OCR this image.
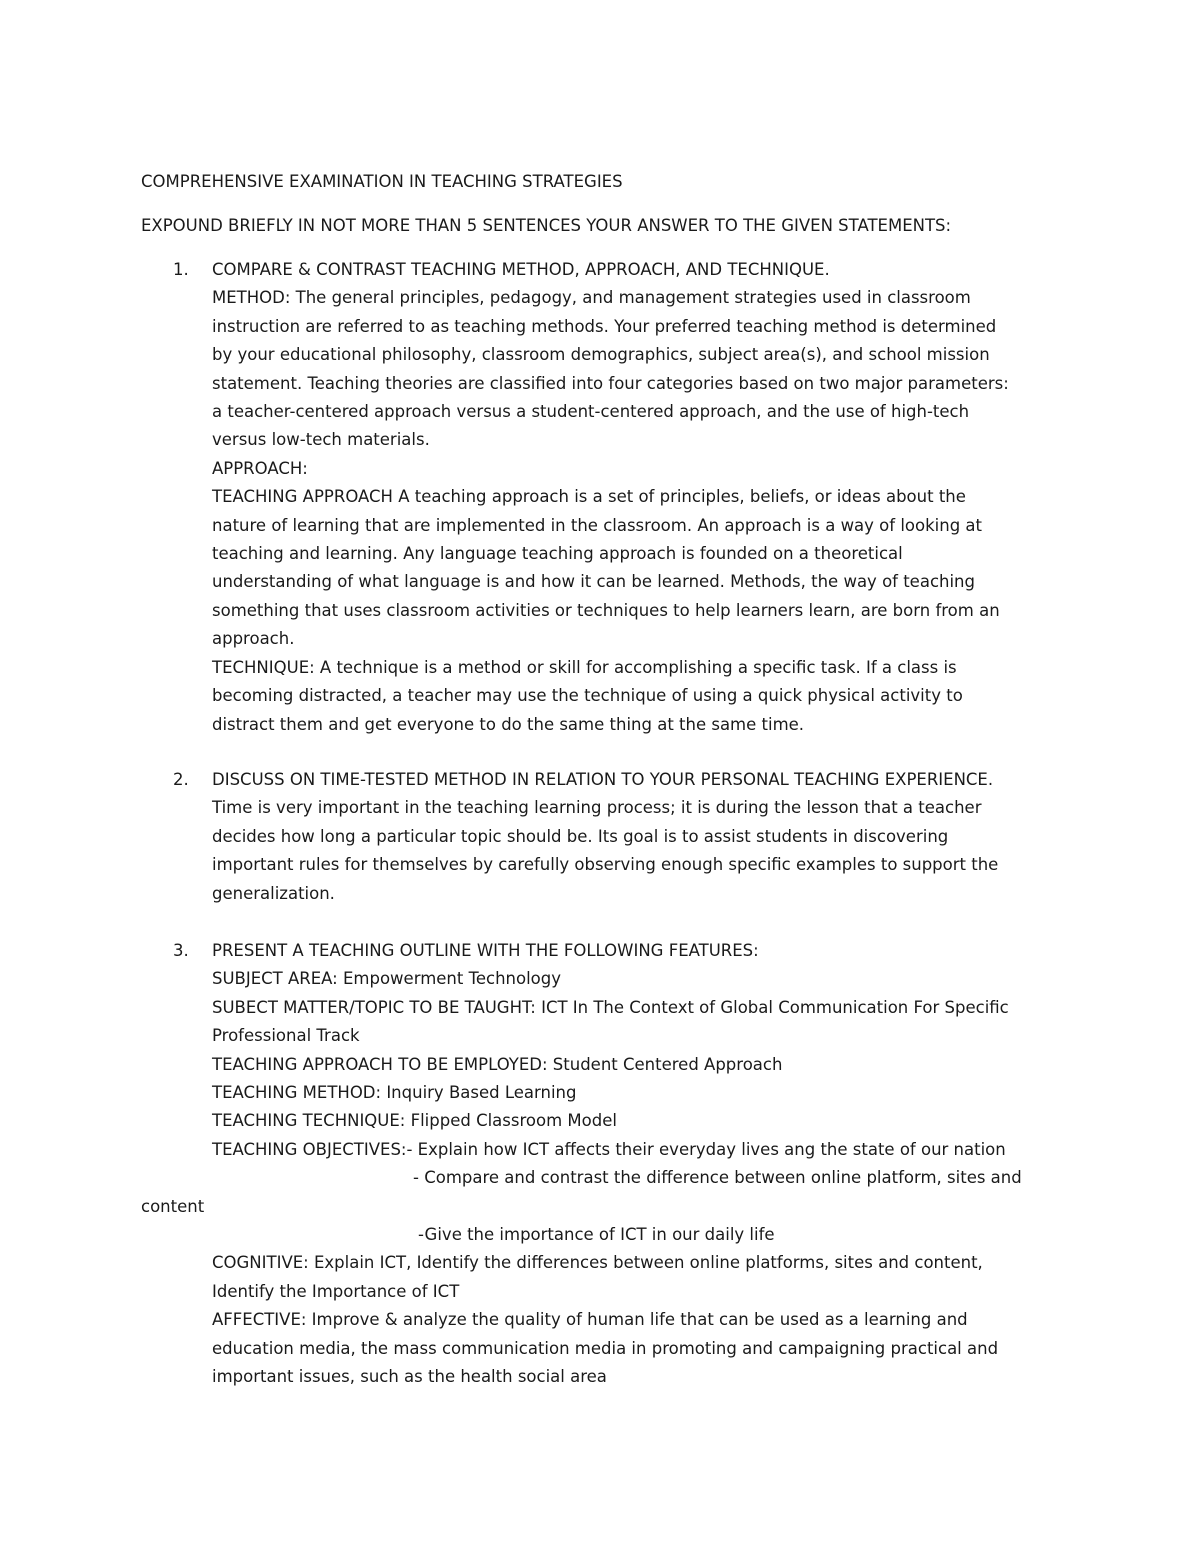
COMPREHENSIVE EXAMINATION IN TEACHING STRATEGIES
EXPOUND BRIEFLY IN NOT MORE THAN 5 SENTENCES YOUR ANSWER TO THE GIVEN STATEMENTS:
1. COMPARE & CONTRAST TEACHING METHOD, APPROACH, AND TECHNIQUE.
METHOD: The general principles, pedagogy, and management strategies used in classroom
instruction are referred to as teaching methods. Your preferred teaching method is determined
by your educational philosophy, classroom demographics, subject area(s), and school mission
statement. Teaching theories are classified into four categories based on two major parameters:
a teacher-centered approach versus a student-centered approach, and the use of high-tech
versus low-tech materials.
APPROACH:
TEACHING APPROACH A teaching approach is a set of principles, beliefs, or ideas about the
nature of learning that are implemented in the classroom. An approach is a way of looking at
teaching and learning. Any language teaching approach is founded on a theoretical
understanding of what language is and how it can be learned. Methods, the way of teaching
something that uses classroom activities or techniques to help learners learn, are born from an
approach.
TECHNIQUE: A technique is a method or skill for accomplishing a specific task. If a class is
becoming distracted, a teacher may use the technique of using a quick physical activity to
distract them and get everyone to do the same thing at the same time.
2. DISCUSS ON TIME-TESTED METHOD IN RELATION TO YOUR PERSONAL TEACHING EXPERIENCE.
Time is very important in the teaching learning process; it is during the lesson that a teacher
decides how long a particular topic should be. Its goal is to assist students in discovering
important rules for themselves by carefully observing enough specific examples to support the
generalization.
3. PRESENT A TEACHING OUTLINE WITH THE FOLLOWING FEATURES:
SUBJECT AREA: Empowerment Technology
SUBECT MATTER/TOPIC TO BE TAUGHT: ICT In The Context of Global Communication For Specific
Professional Track
TEACHING APPROACH TO BE EMPLOYED: Student Centered Approach
TEACHING METHOD: Inquiry Based Learning
TEACHING TECHNIQUE: Flipped Classroom Model
TEACHING OBJECTIVES:- Explain how ICT affects their everyday lives ang the state of our nation
- Compare and contrast the difference between online platform, sites and
content
-Give the importance of ICT in our daily life
COGNITIVE: Explain ICT, Identify the differences between online platforms, sites and content,
Identify the Importance of ICT
AFFECTIVE: Improve & analyze the quality of human life that can be used as a learning and
education media, the mass communication media in promoting and campaigning practical and
important issues, such as the health social area
